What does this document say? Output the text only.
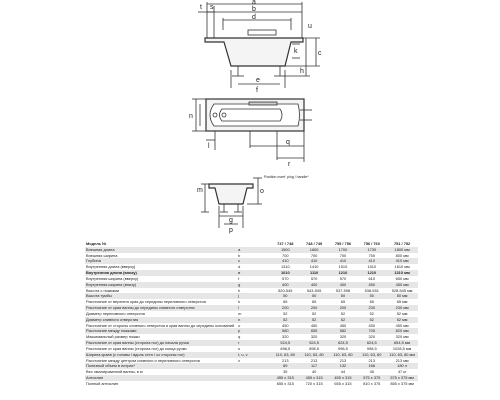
a
b
d
t s
e
f
k	c
h
u
q
r
n
l
m	o
g
p
Position overf. plug / handle*
Модель №	747 / 748	748 / 749	755 / 756	756 / 760	751 / 752
Внешняя длина	a	1500	1600	1700	1730	1800 мм
Внешняя ширина	b	700	700	700	750	800 мм
Глубина	c	410	410	410	410	410 мм
Внутренняя длина (вверху)	d	1310	1410	1510	1510	1610 мм
Внутренняя длина (внизу)	e	1010	1110	1210	1210	1310 мм
Внутренняя ширина (вверху)	f	570	570	570	610	650 мм
Внутренняя ширина (внизу)	g	400	400	400	450	450 мм
Высота с ножками	h	520-545	543-545	537-598	538-551	528-545 мм
Высота тумбы	j	50	50	50	50	50 мм
Расстояние от верхнего края до середины переливного отверстия	k	65	65	65	65	65 мм
Расстояние от края ванны до середины сливного отверстия	l	200	200	200	230	230 мм
Диаметр переливного отверстия	m	52	52	52	52	52 мм
Диаметр сливного отверстия	n	52	52	52	52	52 мм
Расстояние от стороны сливного отверстия и края ванны до середины оснований	o	450	450	450	450	450 мм
Расстояние между ножками	p	580	655	582	705	820 мм
Максимальный размер ножки	q	320	320	320	320	320 мм
Расстояние от края ванны (сторона ног) до начала ручки	r	524,5	524,5	624,5	624,5	654,5 мм
Расстояние от края ванны (сторона ног) до конца ручки	s	898,5	898,5	998,5	998,5	1028,5 мм
Ширина краев (с головы / вдоль стен / со стороны ног)	t, u, v	110, 63, 80	110, 63, 80	110, 63, 80	110, 63, 80	110, 63, 80 мм
Расстояние между центром сливного и переливного отверстия	x	213	213	213	213	213 мм
Полезный объем в литрах*	89	117	132	166	180 л
Вес эмалированной ванны, в кг	35	40	44	45	47 кг
Антислип	455 x 315	455 x 315	455 x 315	575 x 375	575 x 375 мм
Полный антислип	655 x 315	720 x 315	655 x 315	810 x 375	855 x 375 мм
